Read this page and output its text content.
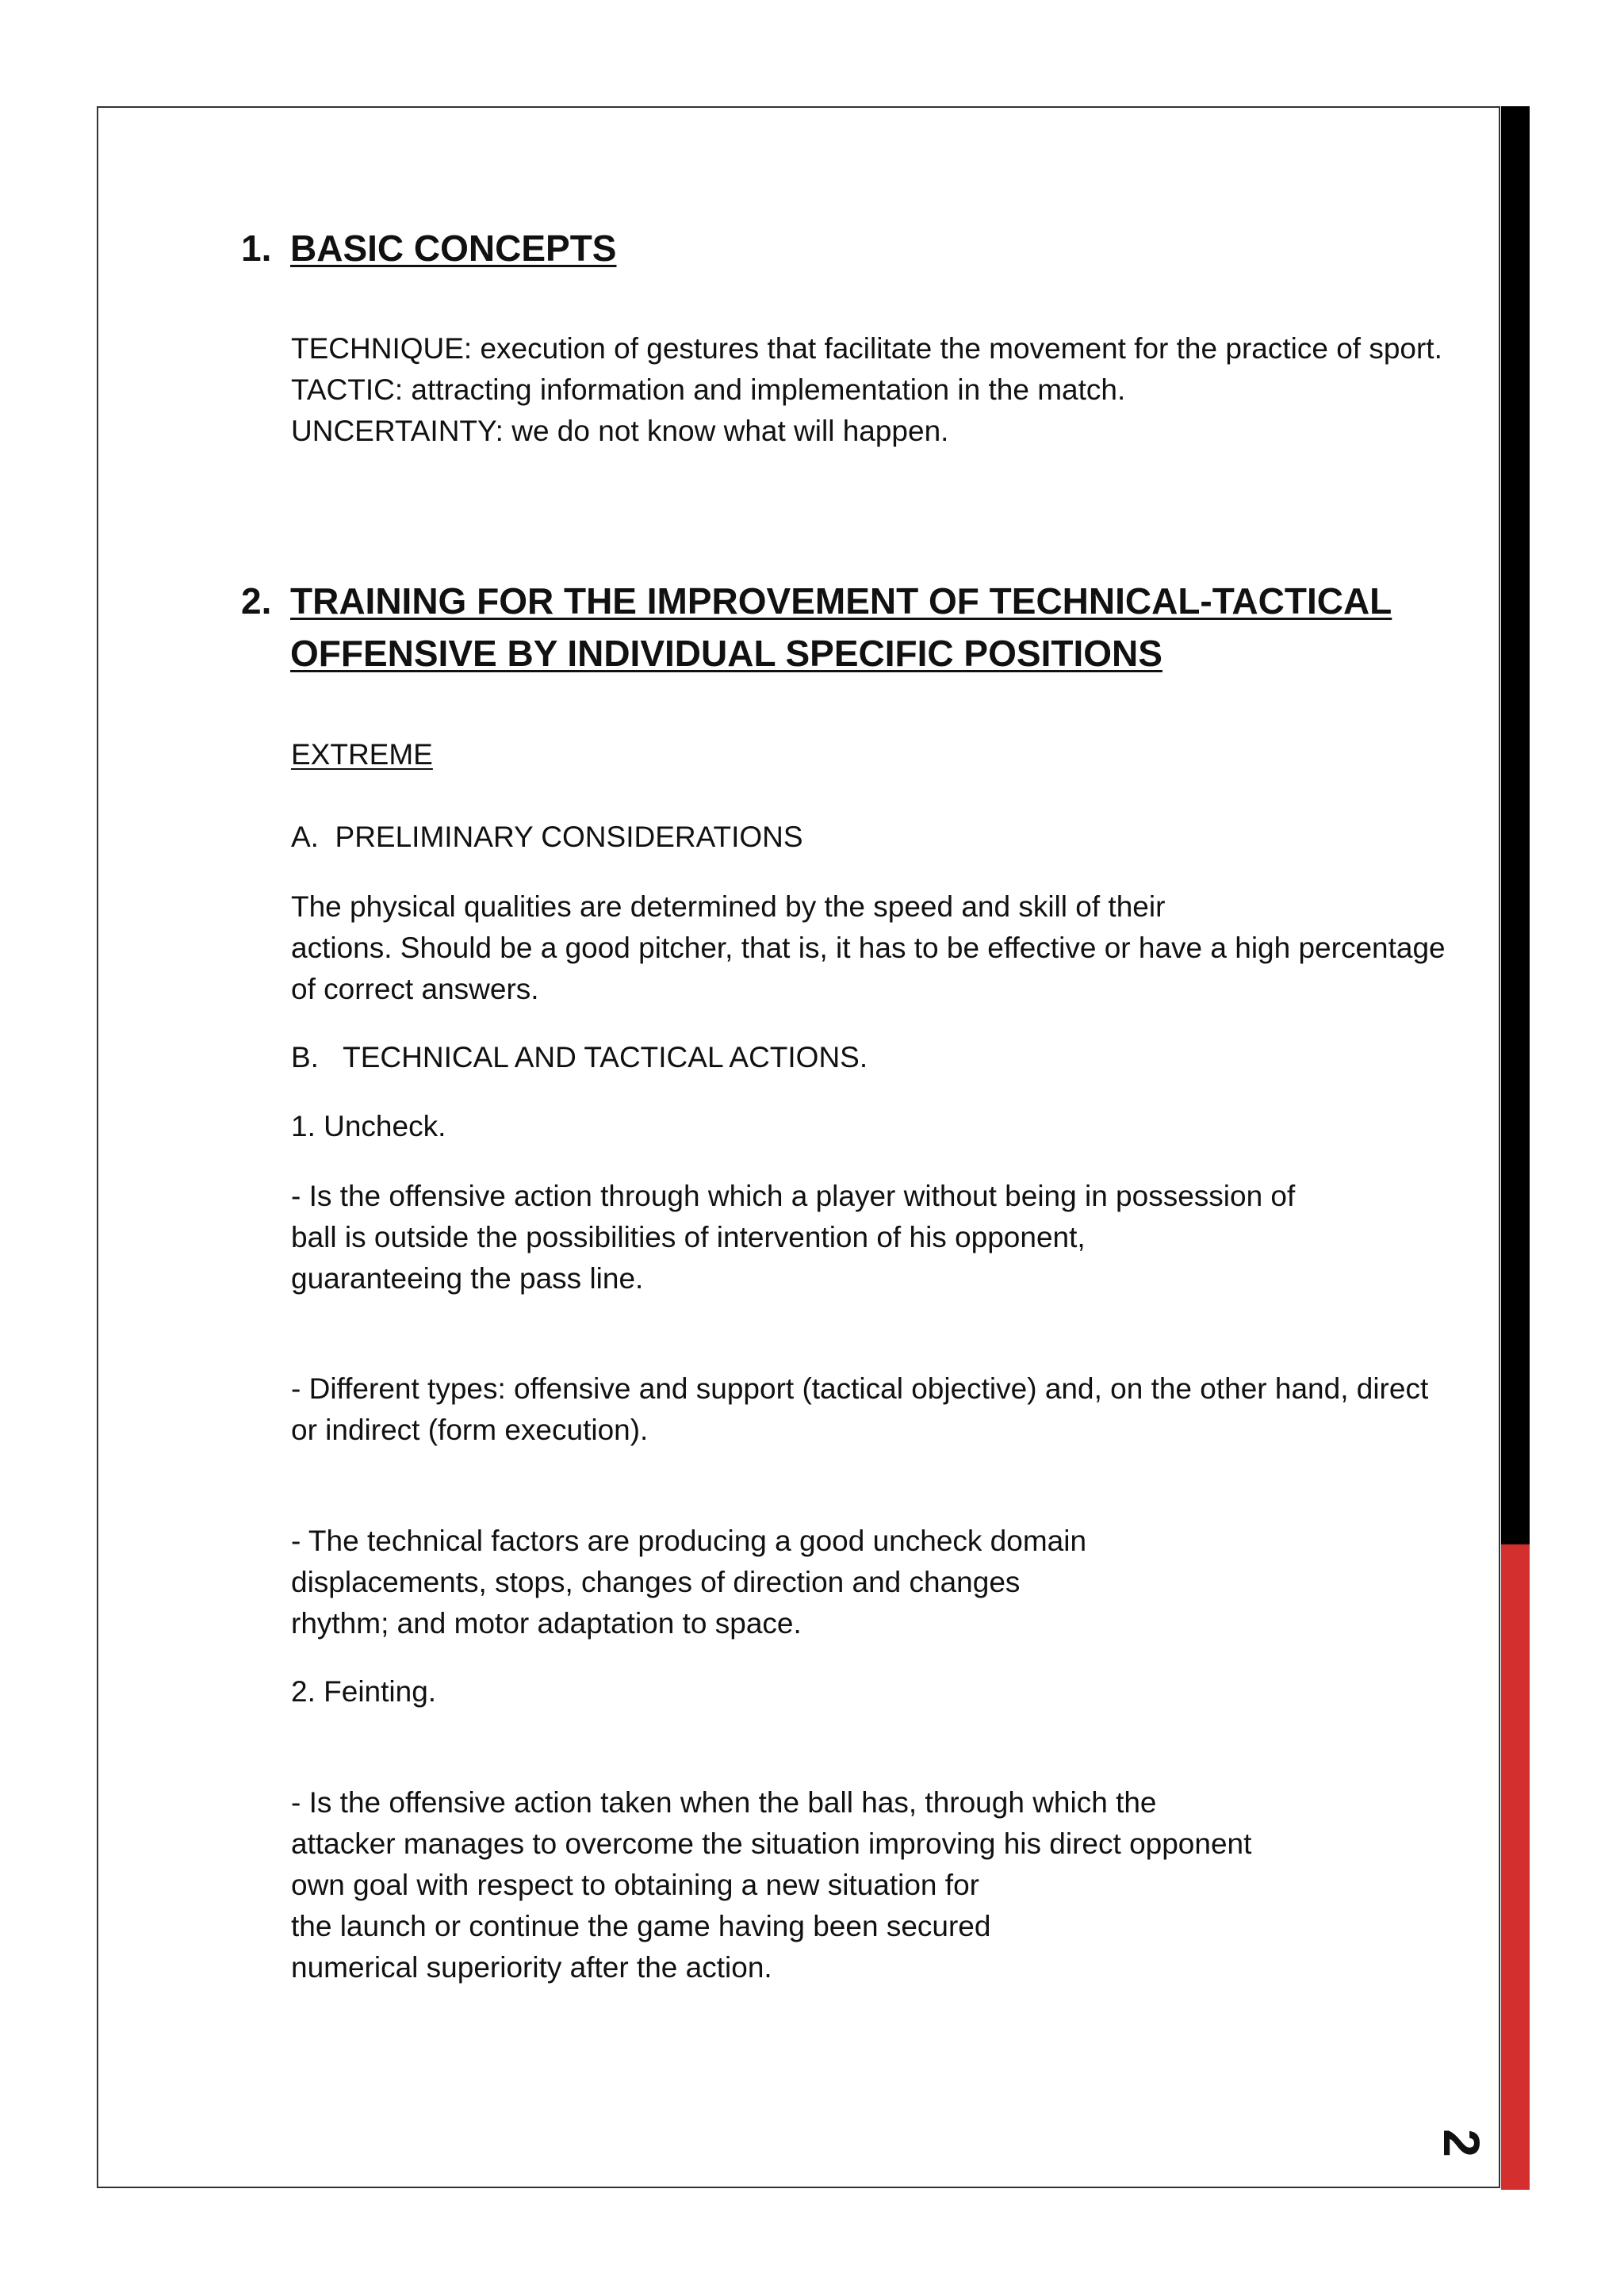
1. BASIC CONCEPTS

TECHNIQUE: execution of gestures that facilitate the movement for the practice of sport.

TACTIC: attracting information and implementation in the match.

UNCERTAINTY: we do not know what will happen.

2. TRAINING FOR THE IMPROVEMENT OF TECHNICAL-TACTICAL
OFFENSIVE BY INDIVIDUAL SPECIFIC POSITIONS

EXTREME

A.  PRELIMINARY CONSIDERATIONS

The physical qualities are determined by the speed and skill of their

actions. Should be a good pitcher, that is, it has to be effective or have a high percentage

of correct answers.

B.   TECHNICAL AND TACTICAL ACTIONS.

1. Uncheck.

- Is the offensive action through which a player without being in possession of

ball is outside the possibilities of intervention of his opponent,

guaranteeing the pass line.

- Different types: offensive and support (tactical objective) and, on the other hand, direct

or indirect (form execution).

- The technical factors are producing a good uncheck domain

displacements, stops, changes of direction and changes

rhythm; and motor adaptation to space.

2. Feinting.

- Is the offensive action taken when the ball has, through which the

attacker manages to overcome the situation improving his direct opponent

own goal with respect to obtaining a new situation for

the launch or continue the game having been secured

numerical superiority after the action.

2
